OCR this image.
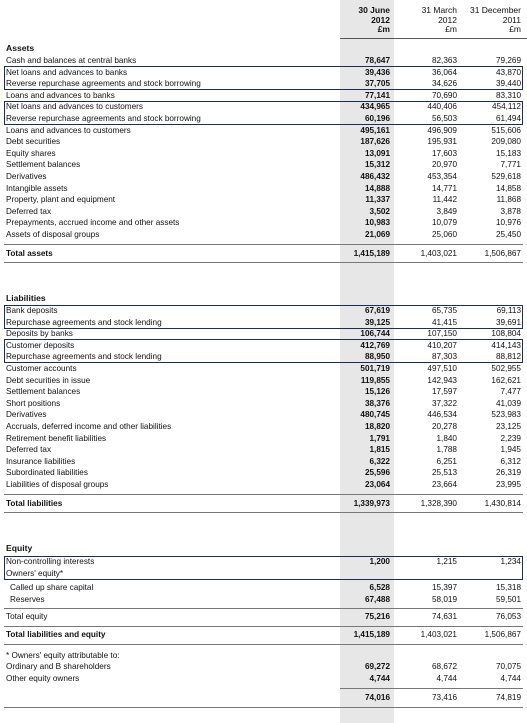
30 June
2012
£m
31 March
2012
£m
31 December
2011
£m
Assets
Liabilities
Equity
Cash and balances at central banks	78,647	82,363	79,269
Net loans and advances to banks	39,436	36,064	43,870
Reverse repurchase agreements and stock borrowing	37,705	34,626	39,440
Loans and advances to banks	77,141	70,690	83,310
Net loans and advances to customers	434,965	440,406	454,112
Reverse repurchase agreements and stock borrowing	60,196	56,503	61,494
Loans and advances to customers	495,161	496,909	515,606
Debt securities	187,626	195,931	209,080
Equity shares	13,091	17,603	15,183
Settlement balances	15,312	20,970	7,771
Derivatives	486,432	453,354	529,618
Intangible assets	14,888	14,771	14,858
Property, plant and equipment	11,337	11,442	11,868
Deferred tax	3,502	3,849	3,878
Prepayments, accrued income and other assets	10,983	10,079	10,976
Assets of disposal groups	21,069	25,060	25,450
Total assets	1,415,189	1,403,021	1,506,867
Bank deposits	67,619	65,735	69,113
Repurchase agreements and stock lending	39,125	41,415	39,691
Deposits by banks	106,744	107,150	108,804
Customer deposits	412,769	410,207	414,143
Repurchase agreements and stock lending	88,950	87,303	88,812
Customer accounts	501,719	497,510	502,955
Debt securities in issue	119,855	142,943	162,621
Settlement balances	15,126	17,597	7,477
Short positions	38,376	37,322	41,039
Derivatives	480,745	446,534	523,983
Accruals, deferred income and other liabilities	18,820	20,278	23,125
Retirement benefit liabilities	1,791	1,840	2,239
Deferred tax	1,815	1,788	1,945
Insurance liabilities	6,322	6,251	6,312
Subordinated liabilities	25,596	25,513	26,319
Liabilities of disposal groups	23,064	23,664	23,995
Total liabilities	1,339,973	1,328,390	1,430,814
Non-controlling interests	1,200	1,215	1,234
Owners' equity*
Called up share capital	6,528	15,397	15,318
Reserves	67,488	58,019	59,501
Total equity	75,216	74,631	76,053
Total liabilities and equity	1,415,189	1,403,021	1,506,867
* Owners' equity attributable to:
Ordinary and B shareholders	69,272	68,672	70,075
Other equity owners	4,744	4,744	4,744
74,016	73,416	74,819
